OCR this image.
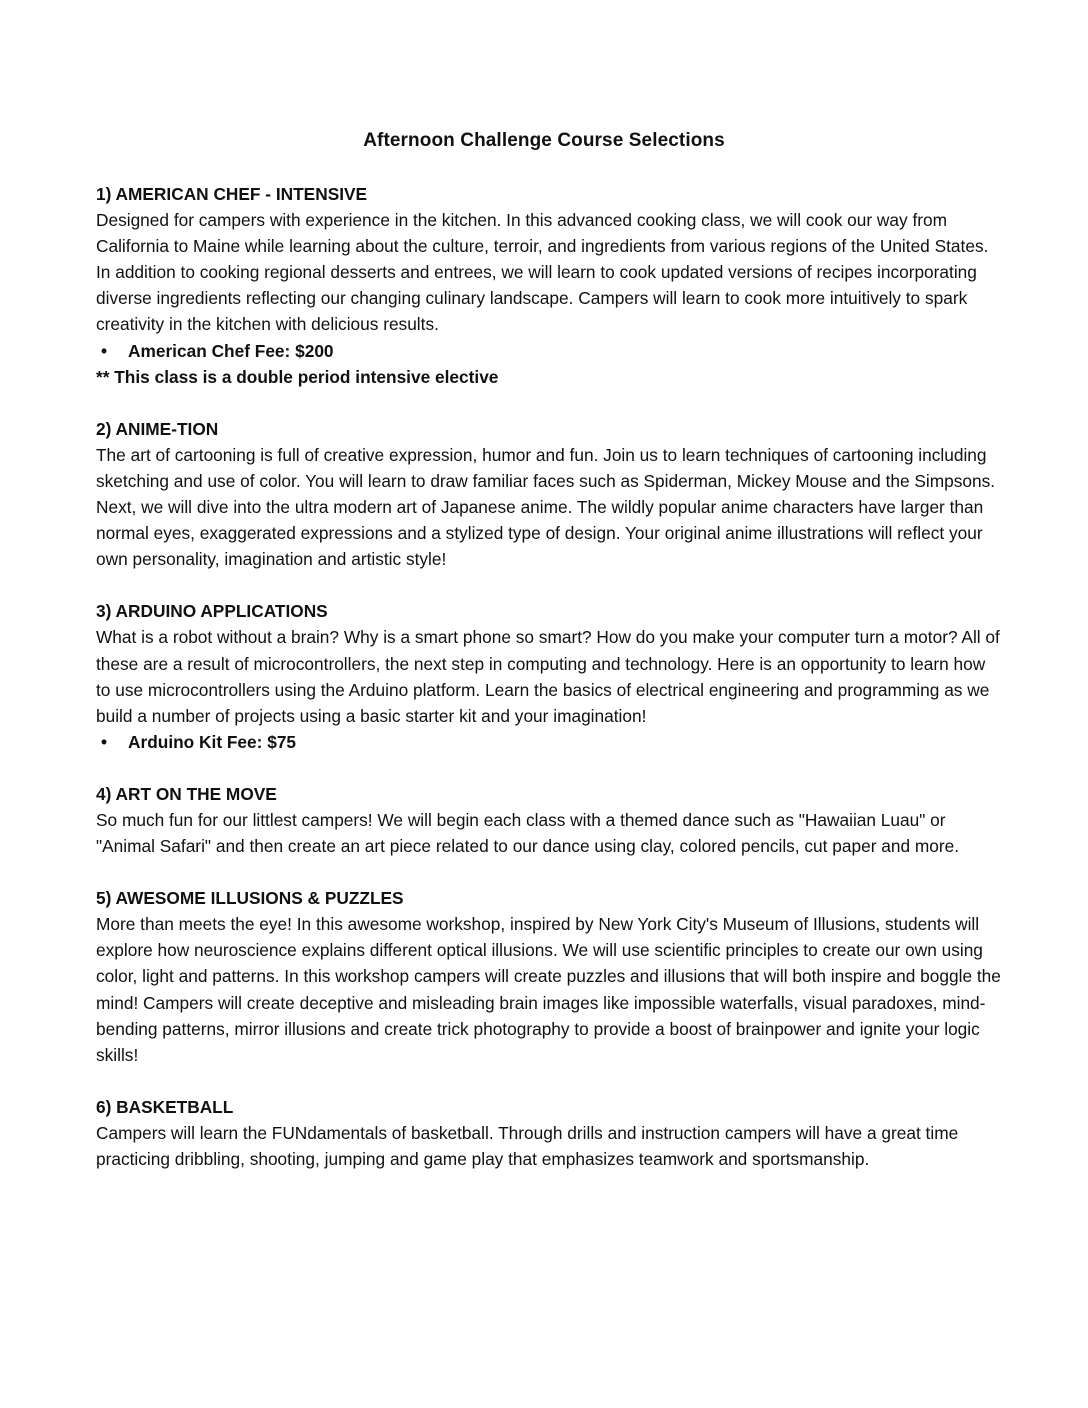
Afternoon Challenge Course Selections

1) AMERICAN CHEF - INTENSIVE

Designed for campers with experience in the kitchen. In this advanced cooking class, we will cook our way from California to Maine while learning about the culture, terroir, and ingredients from various regions of the United States. In addition to cooking regional desserts and entrees, we will learn to cook updated versions of recipes incorporating diverse ingredients reflecting our changing culinary landscape. Campers will learn to cook more intuitively to spark creativity in the kitchen with delicious results.

• American Chef Fee: $200

** This class is a double period intensive elective

2) ANIME-TION

The art of cartooning is full of creative expression, humor and fun. Join us to learn techniques of cartooning including sketching and use of color. You will learn to draw familiar faces such as Spiderman, Mickey Mouse and the Simpsons. Next, we will dive into the ultra modern art of Japanese anime. The wildly popular anime characters have larger than normal eyes, exaggerated expressions and a stylized type of design. Your original anime illustrations will reflect your own personality, imagination and artistic style!

3) ARDUINO APPLICATIONS

What is a robot without a brain? Why is a smart phone so smart? How do you make your computer turn a motor? All of these are a result of microcontrollers, the next step in computing and technology. Here is an opportunity to learn how to use microcontrollers using the Arduino platform. Learn the basics of electrical engineering and programming as we build a number of projects using a basic starter kit and your imagination!

• Arduino Kit Fee: $75

4) ART ON THE MOVE

So much fun for our littlest campers! We will begin each class with a themed dance such as "Hawaiian Luau" or "Animal Safari" and then create an art piece related to our dance using clay, colored pencils, cut paper and more.

5) AWESOME ILLUSIONS & PUZZLES

More than meets the eye! In this awesome workshop, inspired by New York City's Museum of Illusions, students will explore how neuroscience explains different optical illusions. We will use scientific principles to create our own using color, light and patterns. In this workshop campers will create puzzles and illusions that will both inspire and boggle the mind! Campers will create deceptive and misleading brain images like impossible waterfalls, visual paradoxes, mind-bending patterns, mirror illusions and create trick photography to provide a boost of brainpower and ignite your logic skills!

6) BASKETBALL

Campers will learn the FUNdamentals of basketball. Through drills and instruction campers will have a great time practicing dribbling, shooting, jumping and game play that emphasizes teamwork and sportsmanship.
